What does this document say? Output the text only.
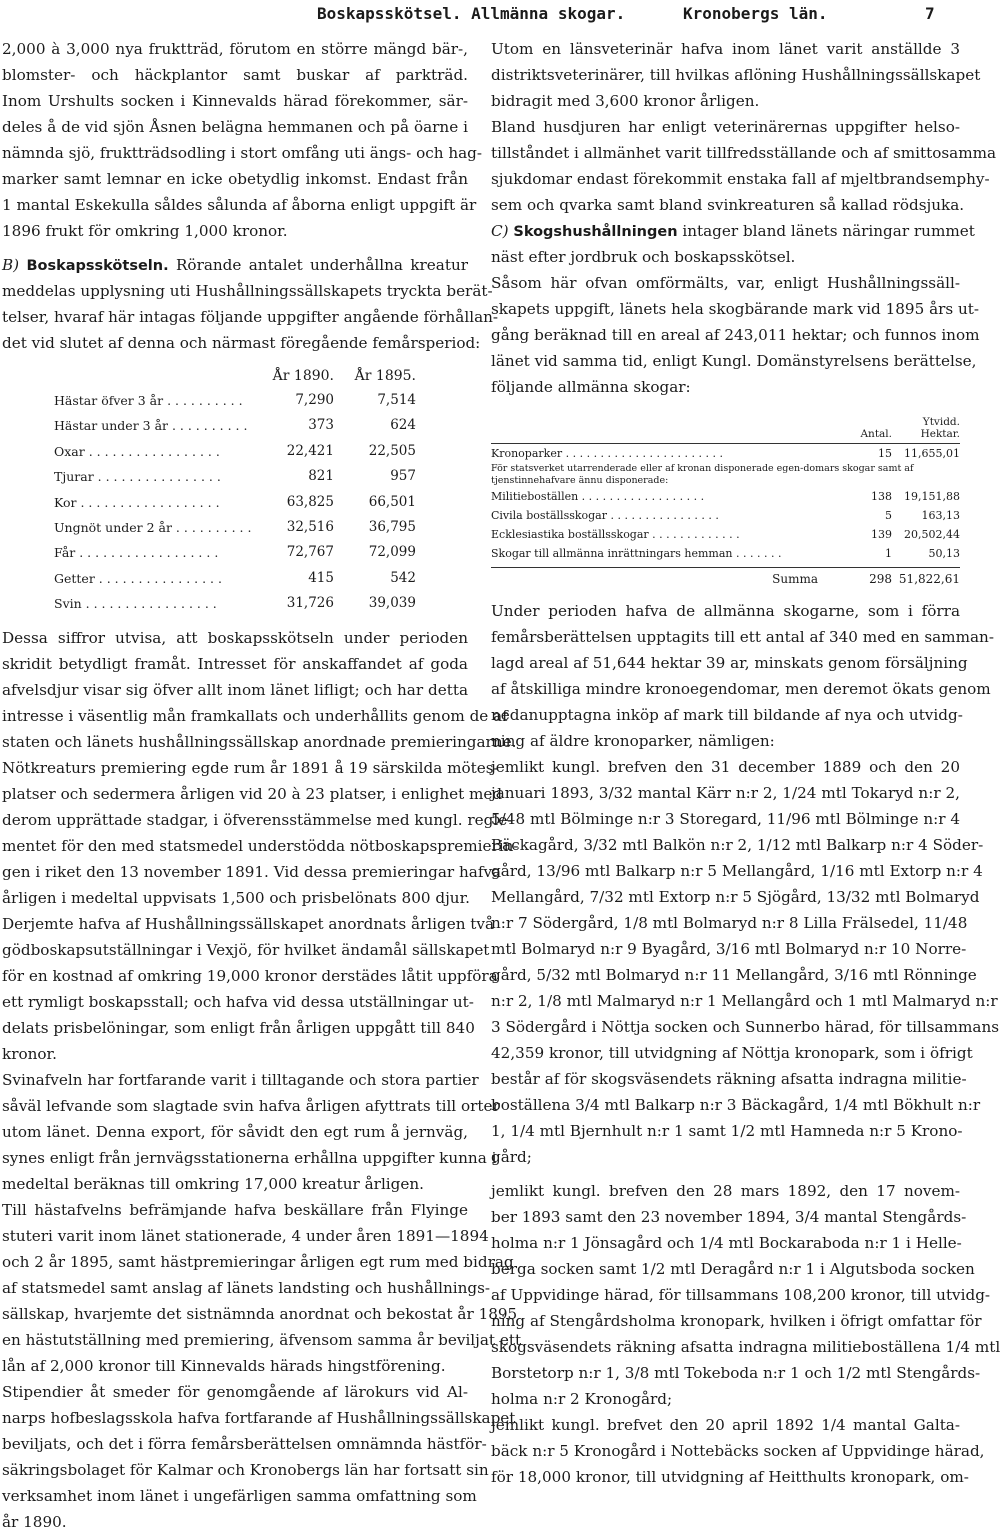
Boskapsskötsel. Allmänna skogar.	Kronobergs län.	7
2,000 à 3,000 nya fruktträd, förutom en större mängd bär-,
blomster- och häckplantor samt buskar af parkträd.
Inom Urshults socken i Kinnevalds härad förekommer, sär-
deles å de vid sjön Åsnen belägna hemmanen och på öarne i
nämnda sjö, fruktträdsodling i stort omfång uti ängs- och hag-
marker samt lemnar en icke obetydlig inkomst. Endast från
1 mantal Eskekulla såldes sålunda af åborna enligt uppgift är
1896 frukt för omkring 1,000 kronor.
B) Boskapsskötseln. Rörande antalet underhållna kreatur
meddelas upplysning uti Hushållningssällskapets tryckta berät-
telser, hvaraf här intagas följande uppgifter angående förhållan-
det vid slutet af denna och närmast föregående femårsperiod:
År 1890.	År 1895.
Hästar öfver 3 år . . . . . . . . . .	7,290	7,514
Hästar under 3 år . . . . . . . . . .	373	624
Oxar . . . . . . . . . . . . . . . . .	22,421	22,505
Tjurar . . . . . . . . . . . . . . . .	821	957
Kor . . . . . . . . . . . . . . . . . .	63,825	66,501
Ungnöt under 2 år . . . . . . . . . .	32,516	36,795
Får . . . . . . . . . . . . . . . . . .	72,767	72,099
Getter . . . . . . . . . . . . . . . .	415	542
Svin . . . . . . . . . . . . . . . . .	31,726	39,039
Dessa siffror utvisa, att boskapsskötseln under perioden
skridit betydligt framåt. Intresset för anskaffandet af goda
afvelsdjur visar sig öfver allt inom länet lifligt; och har detta
intresse i väsentlig mån framkallats och underhållits genom de af
staten och länets hushållningssällskap anordnade premieringarne.
Nötkreaturs premiering egde rum år 1891 å 19 särskilda mötes-
platser och sedermera årligen vid 20 à 23 platser, i enlighet med
derom upprättade stadgar, i öfverensstämmelse med kungl. regle-
mentet för den med statsmedel understödda nötboskapspremierin-
gen i riket den 13 november 1891. Vid dessa premieringar hafva
årligen i medeltal uppvisats 1,500 och prisbelönats 800 djur.
Derjemte hafva af Hushållningssällskapet anordnats årligen två
gödboskapsutställningar i Vexjö, för hvilket ändamål sällskapet
för en kostnad af omkring 19,000 kronor derstädes låtit uppföra
ett rymligt boskapsstall; och hafva vid dessa utställningar ut-
delats prisbelöningar, som enligt från årligen uppgått till 840
kronor.
Svinafveln har fortfarande varit i tilltagande och stora partier
såväl lefvande som slagtade svin hafva årligen afyttrats till orter
utom länet. Denna export, för såvidt den egt rum å jernväg,
synes enligt från jernvägsstationerna erhållna uppgifter kunna i
medeltal beräknas till omkring 17,000 kreatur årligen.
Till hästafvelns befrämjande hafva beskällare från Flyinge
stuteri varit inom länet stationerade, 4 under åren 1891—1894
och 2 år 1895, samt hästpremieringar årligen egt rum med bidrag
af statsmedel samt anslag af länets landsting och hushållnings-
sällskap, hvarjemte det sistnämnda anordnat och bekostat år 1895
en hästutställning med premiering, äfvensom samma år beviljat ett
lån af 2,000 kronor till Kinnevalds härads hingstförening.
Stipendier åt smeder för genomgående af lärokurs vid Al-
narps hofbeslagsskola hafva fortfarande af Hushållningssällskapet
beviljats, och det i förra femårsberättelsen omnämnda hästför-
säkringsbolaget för Kalmar och Kronobergs län har fortsatt sin
verksamhet inom länet i ungefärligen samma omfattning som
år 1890.
Utom en länsveterinär hafva inom länet varit anställde 3
distriktsveterinärer, till hvilkas aflöning Hushållningssällskapet
bidragit med 3,600 kronor årligen.
Bland husdjuren har enligt veterinärernas uppgifter helso-
tillståndet i allmänhet varit tillfredsställande och af smittosamma
sjukdomar endast förekommit enstaka fall af mjeltbrandsemphy-
sem och qvarka samt bland svinkreaturen så kallad rödsjuka.
C) Skogshushållningen intager bland länets näringar rummet
näst efter jordbruk och boskapsskötsel.
Såsom här ofvan omförmälts, var, enligt Hushållningssäll-
skapets uppgift, länets hela skogbärande mark vid 1895 års ut-
gång beräknad till en areal af 243,011 hektar; och funnos inom
länet vid samma tid, enligt Kungl. Domänstyrelsens berättelse,
följande allmänna skogar:
Antal.
Ytvidd. Hektar.
Kronoparker . . . . . . . . . . . . . . . . . . . . . . .	15	11,655,01
För statsverket utarrenderade eller af kronan disponerade egen-domars skogar samt af tjenstinnehafvare ännu disponerade:
Militieboställen . . . . . . . . . . . . . . . . . .	138	19,151,88
Civila boställsskogar . . . . . . . . . . . . . . . .	5	163,13
Ecklesiastika boställsskogar . . . . . . . . . . . . .	139	20,502,44
Skogar till allmänna inrättningars hemman . . . . . . .	1	50,13
Summa	298 51,822,61
Under perioden hafva de allmänna skogarne, som i förra
femårsberättelsen upptagits till ett antal af 340 med en samman-
lagd areal af 51,644 hektar 39 ar, minskats genom försäljning
af åtskilliga mindre kronoegendomar, men deremot ökats genom
nedanupptagna inköp af mark till bildande af nya och utvidg-
ning af äldre kronoparker, nämligen:
jemlikt kungl. brefven den 31 december 1889 och den 20
januari 1893, 3/32 mantal Kärr n:r 2, 1/24 mtl Tokaryd n:r 2,
5/48 mtl Bölminge n:r 3 Storegard, 11/96 mtl Bölminge n:r 4
Bäckagård, 3/32 mtl Balkön n:r 2, 1/12 mtl Balkarp n:r 4 Söder-
gård, 13/96 mtl Balkarp n:r 5 Mellangård, 1/16 mtl Extorp n:r 4
Mellangård, 7/32 mtl Extorp n:r 5 Sjögård, 13/32 mtl Bolmaryd
n:r 7 Södergård, 1/8 mtl Bolmaryd n:r 8 Lilla Frälsedel, 11/48
mtl Bolmaryd n:r 9 Byagård, 3/16 mtl Bolmaryd n:r 10 Norre-
gård, 5/32 mtl Bolmaryd n:r 11 Mellangård, 3/16 mtl Rönninge
n:r 2, 1/8 mtl Malmaryd n:r 1 Mellangård och 1 mtl Malmaryd n:r
3 Södergård i Nöttja socken och Sunnerbo härad, för tillsammans
42,359 kronor, till utvidgning af Nöttja kronopark, som i öfrigt
består af för skogsväsendets räkning afsatta indragna militie-
boställena 3/4 mtl Balkarp n:r 3 Bäckagård, 1/4 mtl Bökhult n:r
1, 1/4 mtl Bjernhult n:r 1 samt 1/2 mtl Hamneda n:r 5 Krono-
gård;
jemlikt kungl. brefven den 28 mars 1892, den 17 novem-
ber 1893 samt den 23 november 1894, 3/4 mantal Stengårds-
holma n:r 1 Jönsagård och 1/4 mtl Bockaraboda n:r 1 i Helle-
berga socken samt 1/2 mtl Deragård n:r 1 i Algutsboda socken
af Uppvidinge härad, för tillsammans 108,200 kronor, till utvidg-
ning af Stengårdsholma kronopark, hvilken i öfrigt omfattar för
skogsväsendets räkning afsatta indragna militieboställena 1/4 mtl
Borstetorp n:r 1, 3/8 mtl Tokeboda n:r 1 och 1/2 mtl Stengårds-
holma n:r 2 Kronogård;
jemlikt kungl. brefvet den 20 april 1892 1/4 mantal Galta-
bäck n:r 5 Kronogård i Nottebäcks socken af Uppvidinge härad,
för 18,000 kronor, till utvidgning af Heitthults kronopark, om-
